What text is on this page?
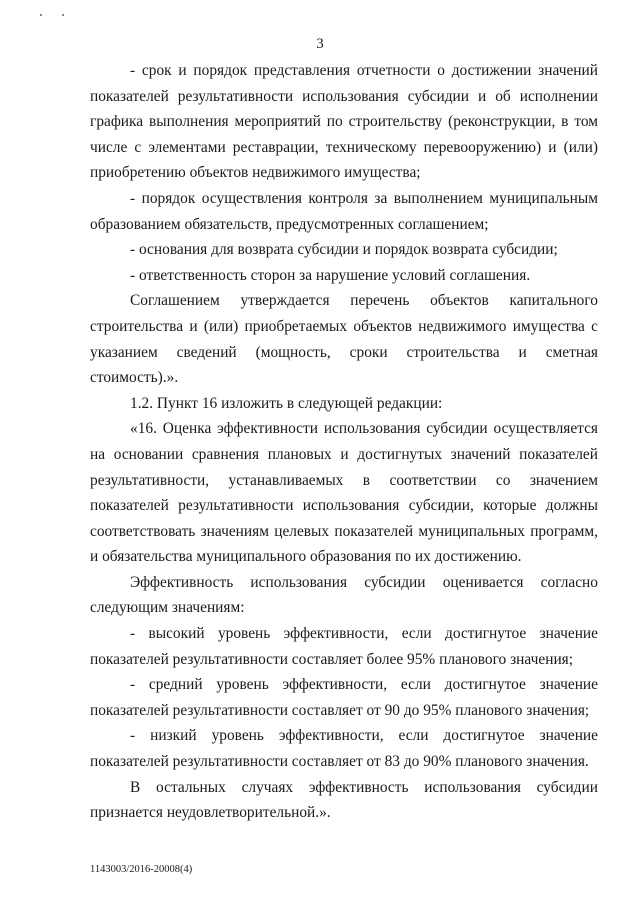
3

- срок и порядок представления отчетности о достижении значений показателей результативности использования субсидии и об исполнении графика выполнения мероприятий по строительству (реконструкции, в том числе с элементами реставрации, техническому перевооружению) и (или) приобретению объектов недвижимого имущества;

- порядок осуществления контроля за выполнением муниципальным образованием обязательств, предусмотренных соглашением;

- основания для возврата субсидии и порядок возврата субсидии;

- ответственность сторон за нарушение условий соглашения.

Соглашением утверждается перечень объектов капитального строительства и (или) приобретаемых объектов недвижимого имущества с указанием сведений (мощность, сроки строительства и сметная стоимость).».

1.2. Пункт 16 изложить в следующей редакции:

«16. Оценка эффективности использования субсидии осуществляется на основании сравнения плановых и достигнутых значений показателей результативности, устанавливаемых в соответствии со значением показателей результативности использования субсидии, которые должны соответствовать значениям целевых показателей муниципальных программ, и обязательства муниципального образования по их достижению.

Эффективность использования субсидии оценивается согласно следующим значениям:

- высокий уровень эффективности, если достигнутое значение показателей результативности составляет более 95% планового значения;

- средний уровень эффективности, если достигнутое значение показателей результативности составляет от 90 до 95% планового значения;

- низкий уровень эффективности, если достигнутое значение показателей результативности составляет от 83 до 90% планового значения.

В остальных случаях эффективность использования субсидии признается неудовлетворительной.».

1143003/2016-20008(4)
